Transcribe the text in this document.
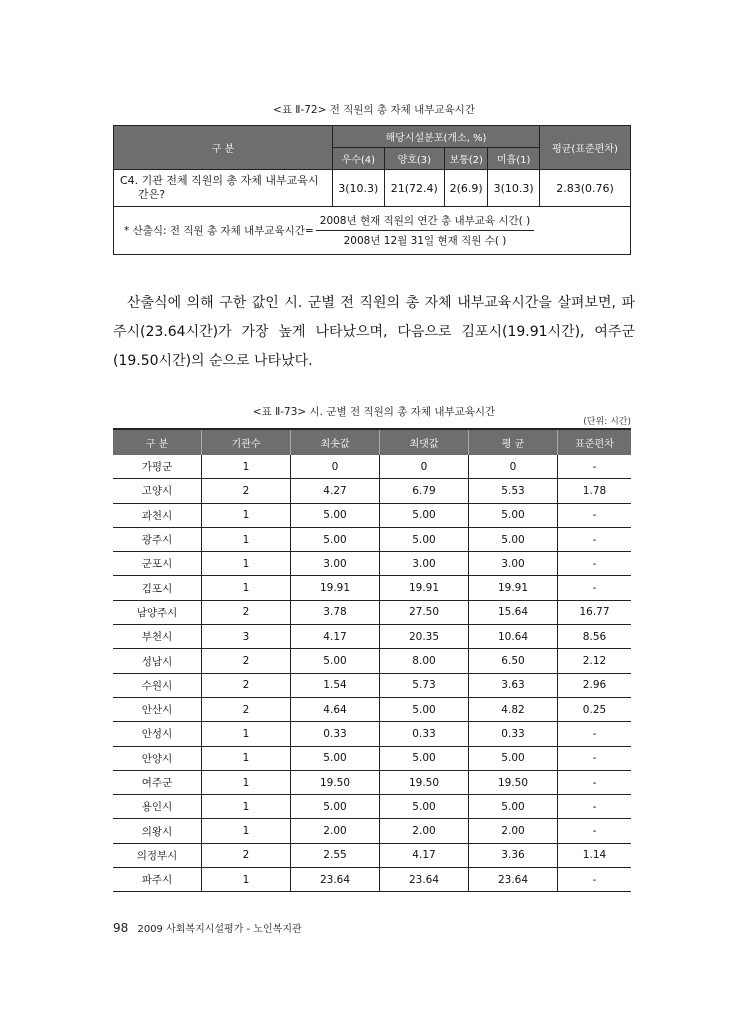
<표 Ⅱ-72> 전 직원의 총 자체 내부교육시간
구 분	해당시설분포(개소, %)				평균(표준편차)
	우수(4)	양호(3)	보통(2)	미흡(1)	
C4. 기관 전체 직원의 총 자체 내부교육시
간은?	3(10.3)	21(72.4)	2(6.9)	3(10.3)	2.83(0.76)

* 산출식: 전 직원 총 자체 내부교육시간= $\frac{\text{2008년 현재 직원의 연간 총 내부교육 시간( )}}{\text{2008년 12월 31일 현재 직원 수( )}}$

산출식에 의해 구한 값인 시. 군별 전 직원의 총 자체 내부교육시간을 살펴보면, 파주시(23.64시간)가 가장 높게 나타났으며, 다음으로 김포시(19.91시간), 여주군(19.50시간)의 순으로 나타났다.

<표 Ⅱ-73> 시. 군별 전 직원의 총 자체 내부교육시간
(단위: 시간)
구 분	기관수	최솟값	최댓값	평 균	표준편차
가평군	1	0	0	0	-
고양시	2	4.27	6.79	5.53	1.78
과천시	1	5.00	5.00	5.00	-
광주시	1	5.00	5.00	5.00	-
군포시	1	3.00	3.00	3.00	-
김포시	1	19.91	19.91	19.91	-
남양주시	2	3.78	27.50	15.64	16.77
부천시	3	4.17	20.35	10.64	8.56
성남시	2	5.00	8.00	6.50	2.12
수원시	2	1.54	5.73	3.63	2.96
안산시	2	4.64	5.00	4.82	0.25
안성시	1	0.33	0.33	0.33	-
안양시	1	5.00	5.00	5.00	-
여주군	1	19.50	19.50	19.50	-
용인시	1	5.00	5.00	5.00	-
의왕시	1	2.00	2.00	2.00	-
의정부시	2	2.55	4.17	3.36	1.14
파주시	1	23.64	23.64	23.64	-
98 2009 사회복지시설평가 - 노인복지관
